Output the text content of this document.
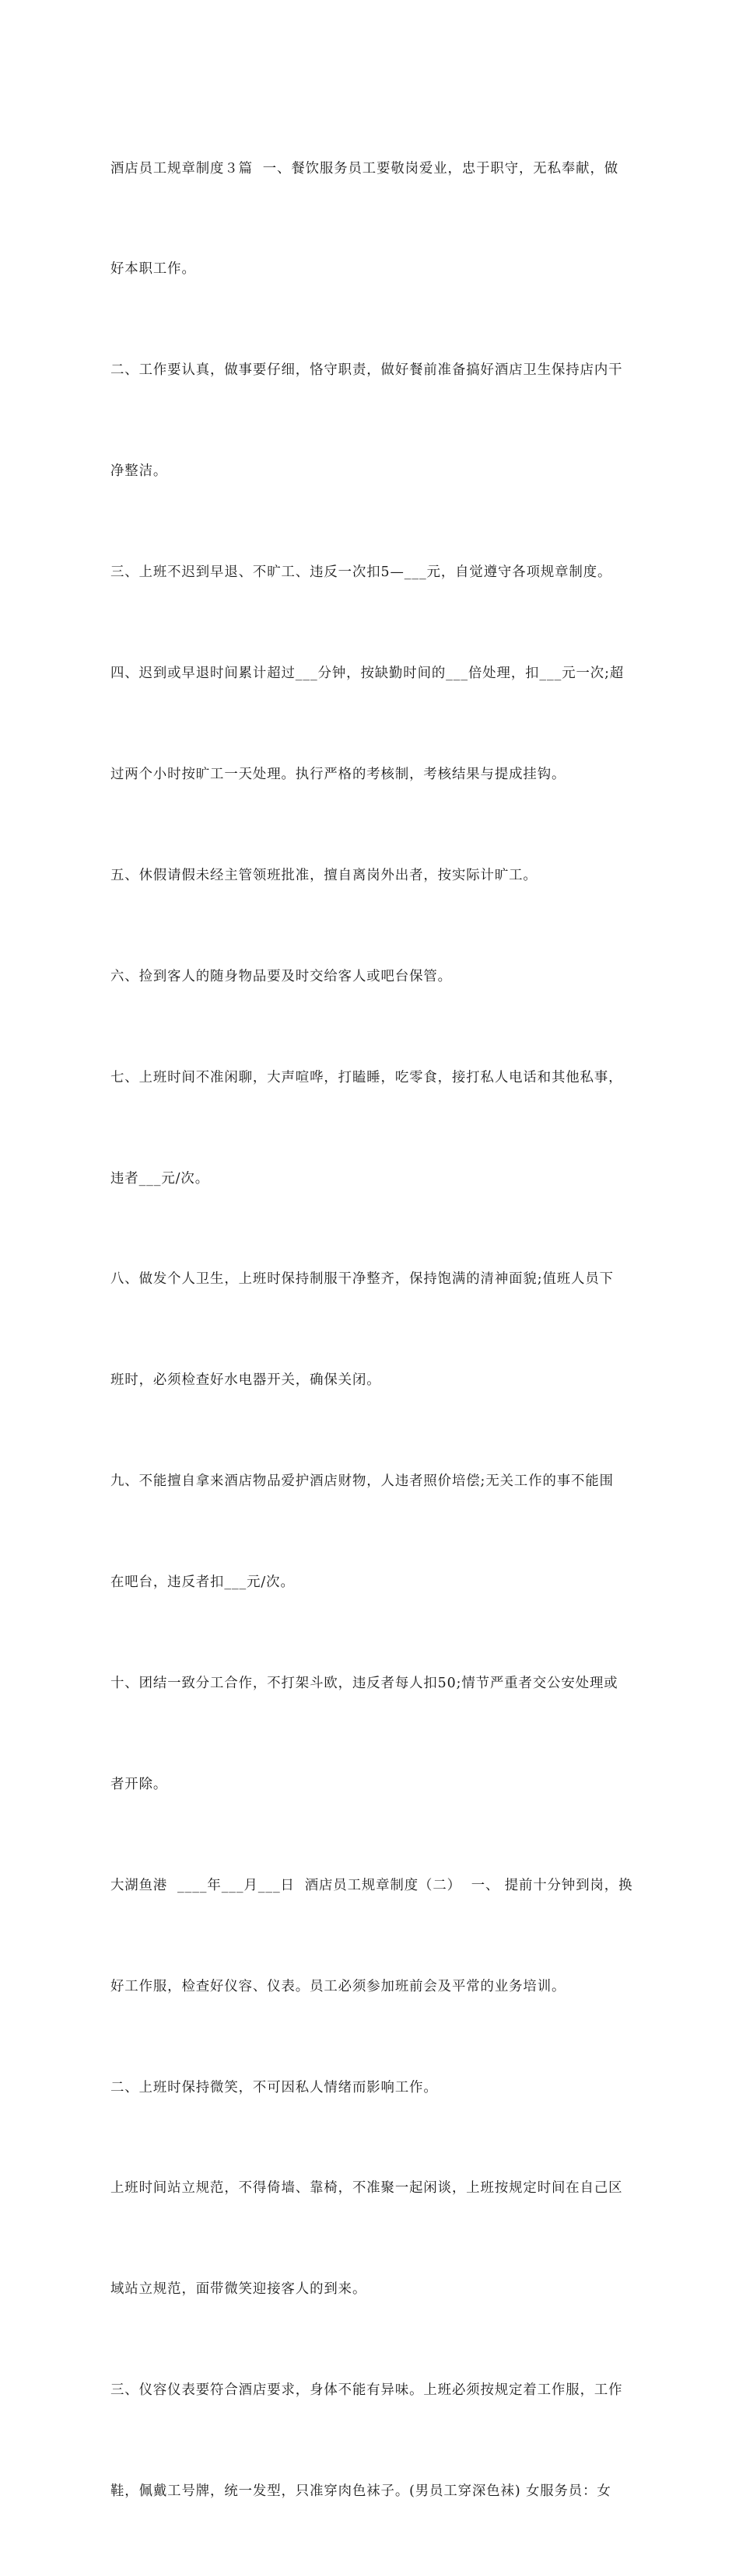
酒店员工规章制度３篇  一、餐饮服务员工要敬岗爱业，忠于职守，无私奉献，做

好本职工作。

二、工作要认真，做事要仔细，恪守职责，做好餐前准备搞好酒店卫生保持店内干

净整洁。

三、上班不迟到早退、不旷工、违反一次扣5—___元，自觉遵守各项规章制度。

四、迟到或早退时间累计超过___分钟，按缺勤时间的___倍处理，扣___元一次;超

过两个小时按旷工一天处理。执行严格的考核制，考核结果与提成挂钩。

五、休假请假未经主管领班批准，擅自离岗外出者，按实际计旷工。

六、捡到客人的随身物品要及时交给客人或吧台保管。

七、上班时间不准闲聊，大声喧哗，打瞌睡，吃零食，接打私人电话和其他私事，

违者___元/次。

八、做发个人卫生，上班时保持制服干净整齐，保持饱满的清神面貌;值班人员下

班时，必须检查好水电器开关，确保关闭。

九、不能擅自拿来酒店物品爱护酒店财物，人违者照价培偿;无关工作的事不能围

在吧台，违反者扣___元/次。

十、团结一致分工合作，不打架斗欧，违反者每人扣50;情节严重者交公安处理或

者开除。

大湖鱼港  ____年___月___日  酒店员工规章制度（二）  一、 提前十分钟到岗，换

好工作服，检查好仪容、仪表。员工必须参加班前会及平常的业务培训。

二、上班时保持微笑，不可因私人情绪而影响工作。

上班时间站立规范，不得倚墙、靠椅，不准聚一起闲谈，上班按规定时间在自己区

域站立规范，面带微笑迎接客人的到来。

三、仪容仪表要符合酒店要求，身体不能有异味。上班必须按规定着工作服，工作

鞋，佩戴工号牌，统一发型，只准穿肉色袜子。(男员工穿深色袜) 女服务员：女
